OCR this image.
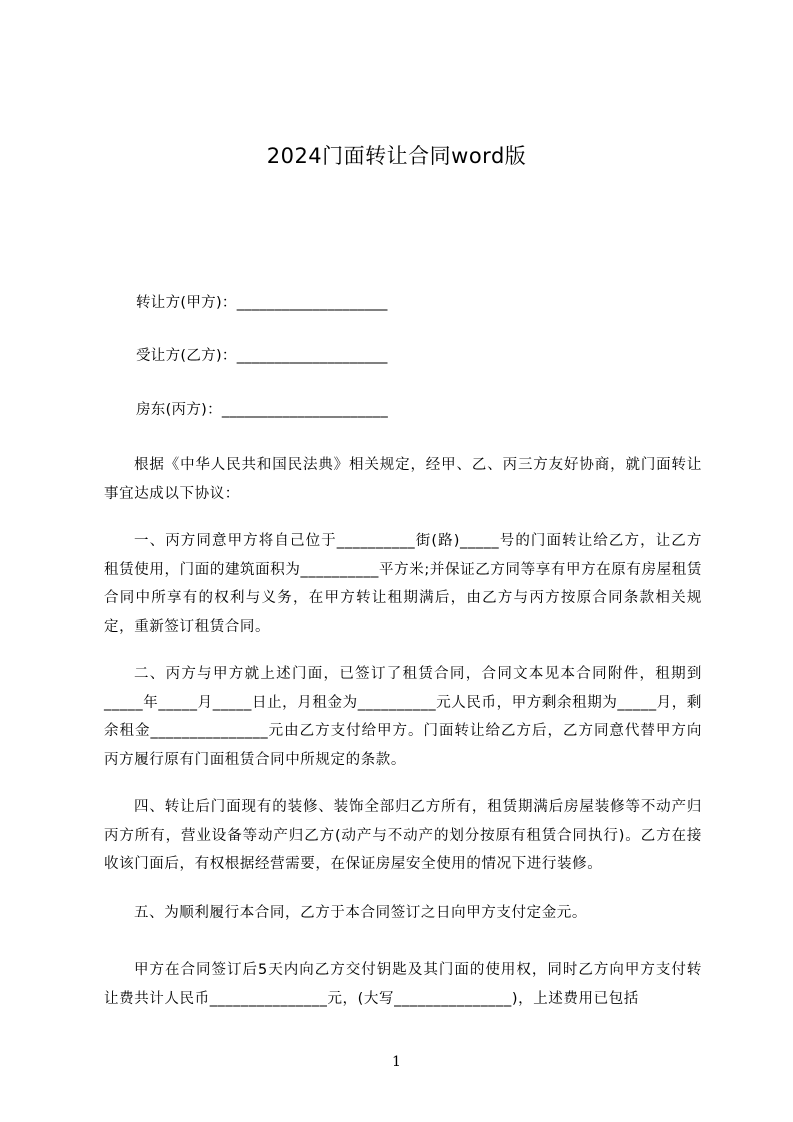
2024门面转让合同word版
转让方(甲方)：____________________
受让方(乙方)：____________________
房东(丙方)：______________________

根据《中华人民共和国民法典》相关规定，经甲、乙、丙三方友好协商，就门面转让事宜达成以下协议：

一、丙方同意甲方将自己位于__________街(路)_____号的门面转让给乙方，让乙方租赁使用，门面的建筑面积为__________平方米;并保证乙方同等享有甲方在原有房屋租赁合同中所享有的权利与义务，在甲方转让租期满后，由乙方与丙方按原合同条款相关规定，重新签订租赁合同。

二、丙方与甲方就上述门面，已签订了租赁合同，合同文本见本合同附件，租期到_____年_____月_____日止，月租金为__________元人民币，甲方剩余租期为_____月，剩余租金_______________元由乙方支付给甲方。门面转让给乙方后，乙方同意代替甲方向丙方履行原有门面租赁合同中所规定的条款。

四、转让后门面现有的装修、装饰全部归乙方所有，租赁期满后房屋装修等不动产归丙方所有，营业设备等动产归乙方(动产与不动产的划分按原有租赁合同执行)。乙方在接收该门面后，有权根据经营需要，在保证房屋安全使用的情况下进行装修。

五、为顺利履行本合同，乙方于本合同签订之日向甲方支付定金元。

甲方在合同签订后5天内向乙方交付钥匙及其门面的使用权，同时乙方向甲方支付转让费共计人民币_______________元，(大写_______________)，上述费用已包括

1
